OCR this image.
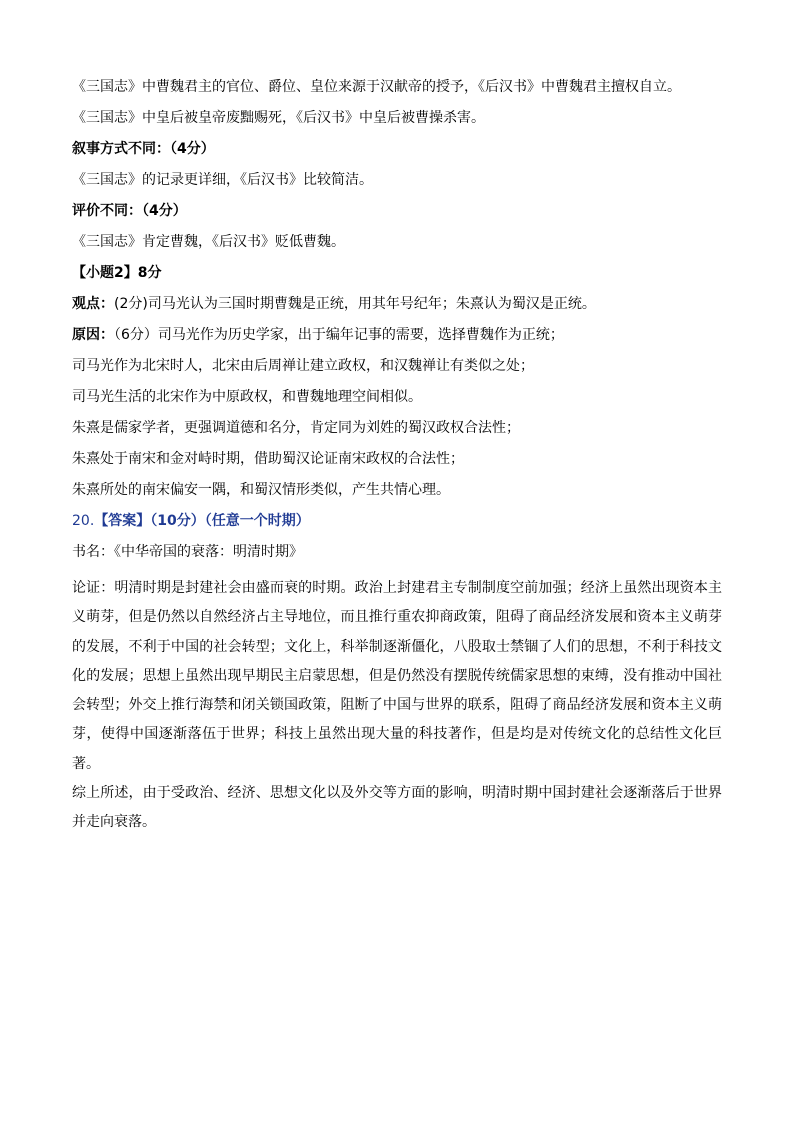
《三国志》中曹魏君主的官位、爵位、皇位来源于汉献帝的授予，《后汉书》中曹魏君主擅权自立。
《三国志》中皇后被皇帝废黜赐死，《后汉书》中皇后被曹操杀害。
叙事方式不同：（4分）
《三国志》的记录更详细，《后汉书》比较简洁。
评价不同：（4分）
《三国志》肯定曹魏，《后汉书》贬低曹魏。
【小题2】8分
观点：(2分)司马光认为三国时期曹魏是正统，用其年号纪年；朱熹认为蜀汉是正统。
原因：（6分）司马光作为历史学家，出于编年记事的需要，选择曹魏作为正统；
司马光作为北宋时人，北宋由后周禅让建立政权，和汉魏禅让有类似之处；
司马光生活的北宋作为中原政权，和曹魏地理空间相似。
朱熹是儒家学者，更强调道德和名分，肯定同为刘姓的蜀汉政权合法性；
朱熹处于南宋和金对峙时期，借助蜀汉论证南宋政权的合法性；
朱熹所处的南宋偏安一隅，和蜀汉情形类似，产生共情心理。
20.【答案】（10分）（任意一个时期）
书名：《中华帝国的衰落：明清时期》
论证：明清时期是封建社会由盛而衰的时期。政治上封建君主专制制度空前加强；经济上虽然出现资本主义萌芽，但是仍然以自然经济占主导地位，而且推行重农抑商政策，阻碍了商品经济发展和资本主义萌芽的发展，不利于中国的社会转型；文化上，科举制逐渐僵化，八股取士禁锢了人们的思想，不利于科技文化的发展；思想上虽然出现早期民主启蒙思想，但是仍然没有摆脱传统儒家思想的束缚，没有推动中国社会转型；外交上推行海禁和闭关锁国政策，阻断了中国与世界的联系，阻碍了商品经济发展和资本主义萌芽，使得中国逐渐落伍于世界；科技上虽然出现大量的科技著作，但是均是对传统文化的总结性文化巨著。
综上所述，由于受政治、经济、思想文化以及外交等方面的影响，明清时期中国封建社会逐渐落后于世界并走向衰落。
